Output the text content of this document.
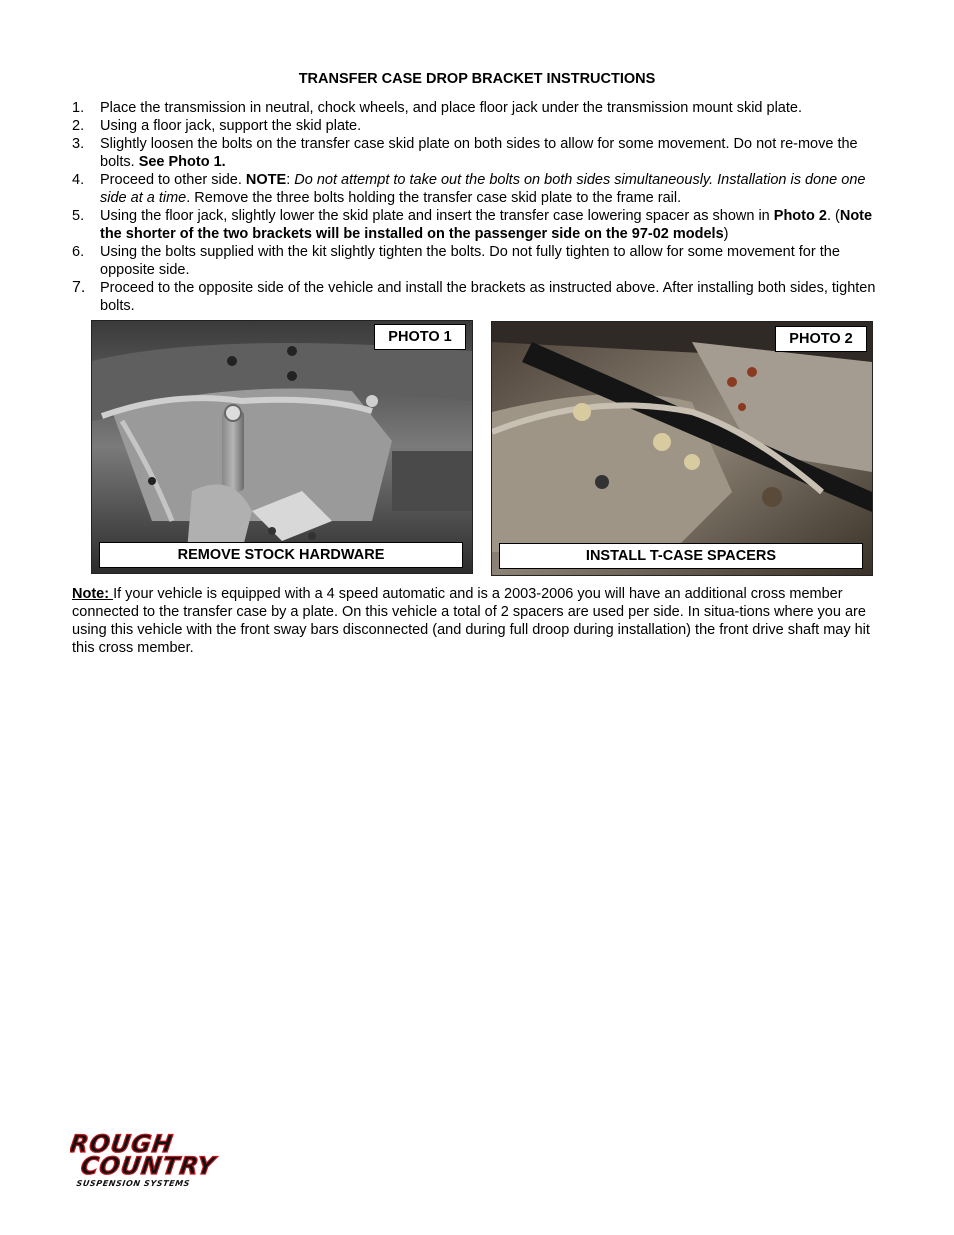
TRANSFER CASE DROP BRACKET INSTRUCTIONS
1.	Place the transmission in neutral, chock wheels, and place floor jack under the transmission mount skid plate.
2.	Using a floor jack, support the skid plate.
3.	Slightly loosen the bolts on the transfer case skid plate on both sides to allow for some movement. Do not re-move the bolts. See Photo 1.
4.	Proceed to other side. NOTE: Do not attempt to take out the bolts on both sides simultaneously. Installation is done one side at a time. Remove the three bolts holding the transfer case skid plate to the frame rail.
5.	Using the floor jack, slightly lower the skid plate and insert the transfer case lowering spacer as shown in Photo 2. (Note the shorter of the two brackets will be installed on the passenger side on the 97-02 models)
6.	Using the bolts supplied with the kit slightly tighten the bolts. Do not fully tighten to allow for some movement for the opposite side.
7.	Proceed to the opposite side of the vehicle and install the brackets as instructed above. After installing both sides, tighten bolts.
PHOTO 1
REMOVE STOCK HARDWARE
PHOTO 2
INSTALL T-CASE SPACERS
Note: If your vehicle is equipped with a 4 speed automatic and is a 2003-2006 you will have an additional cross member connected to the transfer case by a plate. On this vehicle a total of 2 spacers are used per side. In situa-tions where you are using this vehicle with the front sway bars disconnected (and during full droop during installation) the front drive shaft may hit this cross member.
ROUGH
COUNTRY
SUSPENSION SYSTEMS
